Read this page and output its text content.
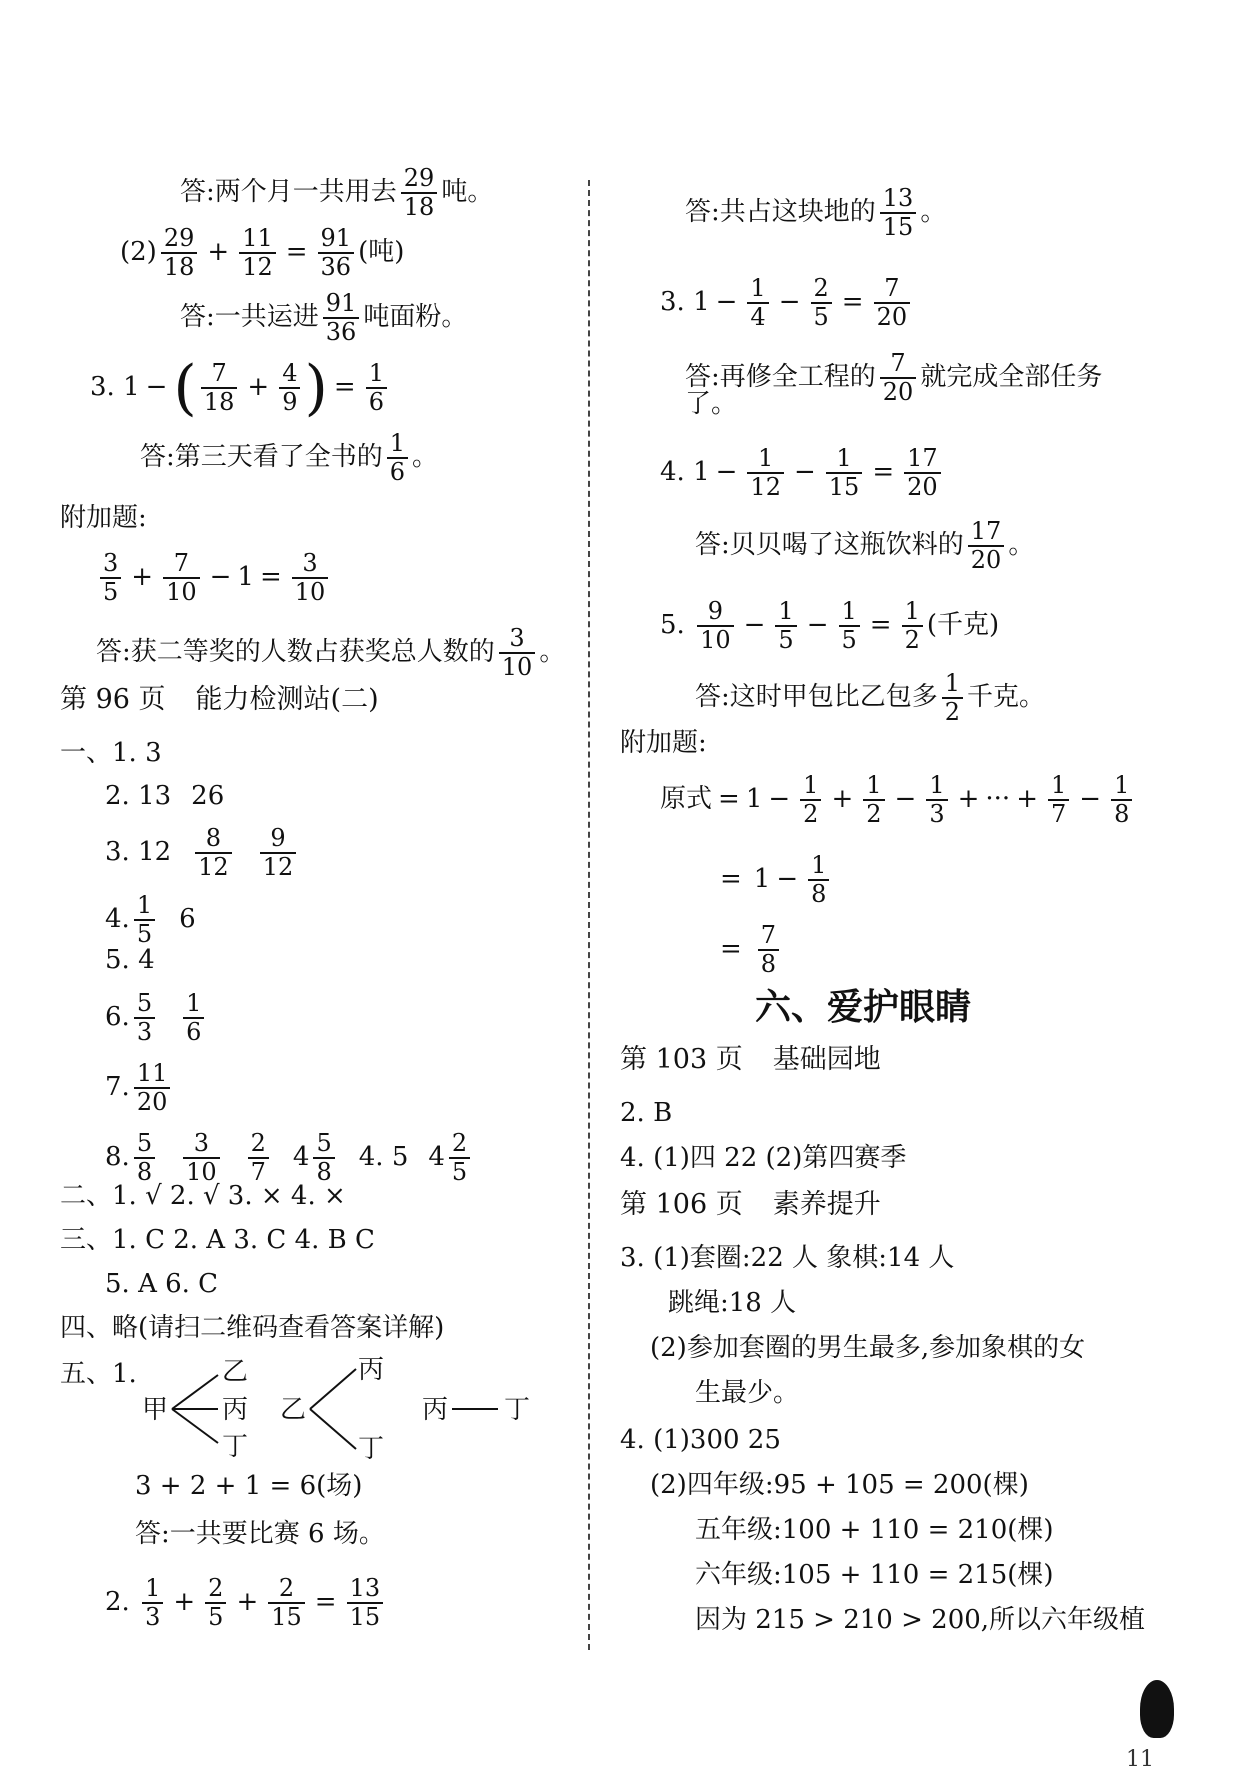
答:两个月一共用去 $\frac{29}{18}$ 吨。
$(2) \frac{29}{18} + \frac{11}{12} = \frac{91}{36}$ (吨)
答:一共运进 $\frac{91}{36}$ 吨面粉。
3. 1 − ( $\frac{7}{18} + \frac{4}{9}$ ) = $\frac{1}{6}$
答:第三天看了全书的 $\frac{1}{6}$ 。
附加题:
$\frac{3}{5} + \frac{7}{10} - 1 = \frac{3}{10}$
答:获二等奖的人数占获奖总人数的 $\frac{3}{10}$ 。
第 96 页 能力检测站(二)
一、1. 3
2. 13 26
3. $12 \frac{8}{12} \frac{9}{12}$
4. $\frac{1}{5} 6$
5. 4
6. $\frac{5}{3} \frac{1}{6}$
7. $\frac{11}{20}$
8. $\frac{5}{8} \frac{3}{10} \frac{2}{7} 4 \frac{5}{8} 4$. 5 $4 \frac{2}{5}$
二、1. √ 2. √ 3. × 4. ×
三、1. C 2. A 3. C 4. B C
5. A 6. C
四、略(请扫二维码查看答案详解)
五、1.
甲
乙
丙
丁
乙
丙
丁
丙 丁
3 + 2 + 1 = 6(场)
答:一共要比赛 6 场。
2. $\frac{1}{3} + \frac{2}{5} + \frac{2}{15} = \frac{13}{15}$
答:共占这块地的 $\frac{13}{15}$ 。
3. $1 - \frac{1}{4} - \frac{2}{5} = \frac{7}{20}$
答:再修全工程的 $\frac{7}{20}$ 就完成全部任务
了。
4. $1 - \frac{1}{12} - \frac{1}{15} = \frac{17}{20}$
答:贝贝喝了这瓶饮料的 $\frac{17}{20}$ 。
5. $\frac{9}{10} - \frac{1}{5} - \frac{1}{5} = \frac{1}{2}$ (千克)
答:这时甲包比乙包多 $\frac{1}{2}$ 千克。
附加题:
原式 = $1 - \frac{1}{2} + \frac{1}{2} - \frac{1}{3}$ + ··· + $\frac{1}{7} - \frac{1}{8}$
= $1 - \frac{1}{8}$
= $\frac{7}{8}$
六、爱护眼睛
第 103 页 基础园地
2. B
4. (1)四 22 (2)第四赛季
第 106 页 素养提升
3. (1)套圈:22 人 象棋:14 人
跳绳:18 人
(2)参加套圈的男生最多,参加象棋的女
生最少。
4. (1)300 25
(2)四年级:95 + 105 = 200(棵)
五年级:100 + 110 = 210(棵)
六年级:105 + 110 = 215(棵)
因为 215 > 210 > 200,所以六年级植
11
